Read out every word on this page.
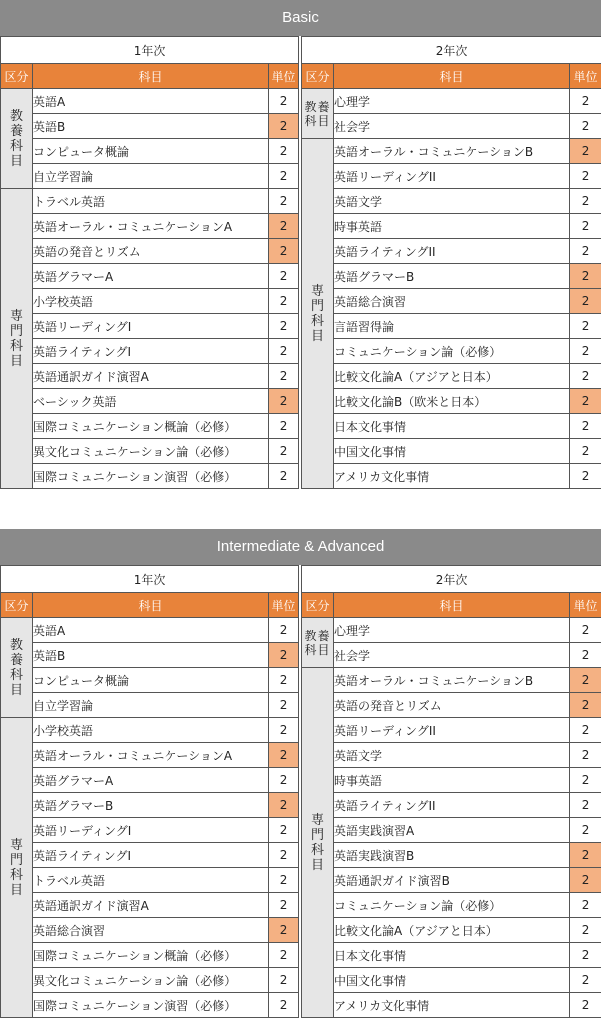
Basic
1年次				2年次		
区分	科目	単位		区分	科目	単位
教養科目	英語A	2		教養科目	心理学	2
	英語B	2			社会学	2
	コンピュータ概論	2		専門科目	英語オーラル・コミュニケーションB	2
	自立学習論	2			英語リーディングII	2
専門科目	トラベル英語	2			英語文学	2
	英語オーラル・コミュニケーションA	2			時事英語	2
	英語の発音とリズム	2			英語ライティングII	2
	英語グラマーA	2			英語グラマーB	2
	小学校英語	2			英語総合演習	2
	英語リーディングI	2			言語習得論	2
	英語ライティングI	2			コミュニケーション論（必修）	2
	英語通訳ガイド演習A	2			比較文化論A（アジアと日本）	2
	ベーシック英語	2			比較文化論B（欧米と日本）	2
	国際コミュニケーション概論（必修）	2			日本文化事情	2
	異文化コミュニケーション論（必修）	2			中国文化事情	2
	国際コミュニケーション演習（必修）	2			アメリカ文化事情	2
Intermediate & Advanced
1年次				2年次		
区分	科目	単位		区分	科目	単位
教養科目	英語A	2		教養科目	心理学	2
	英語B	2			社会学	2
	コンピュータ概論	2		専門科目	英語オーラル・コミュニケーションB	2
	自立学習論	2			英語の発音とリズム	2
専門科目	小学校英語	2			英語リーディングII	2
	英語オーラル・コミュニケーションA	2			英語文学	2
	英語グラマーA	2			時事英語	2
	英語グラマーB	2			英語ライティングII	2
	英語リーディングI	2			英語実践演習A	2
	英語ライティングI	2			英語実践演習B	2
	トラベル英語	2			英語通訳ガイド演習B	2
	英語通訳ガイド演習A	2			コミュニケーション論（必修）	2
	英語総合演習	2			比較文化論A（アジアと日本）	2
	国際コミュニケーション概論（必修）	2			日本文化事情	2
	異文化コミュニケーション論（必修）	2			中国文化事情	2
	国際コミュニケーション演習（必修）	2			アメリカ文化事情	2
